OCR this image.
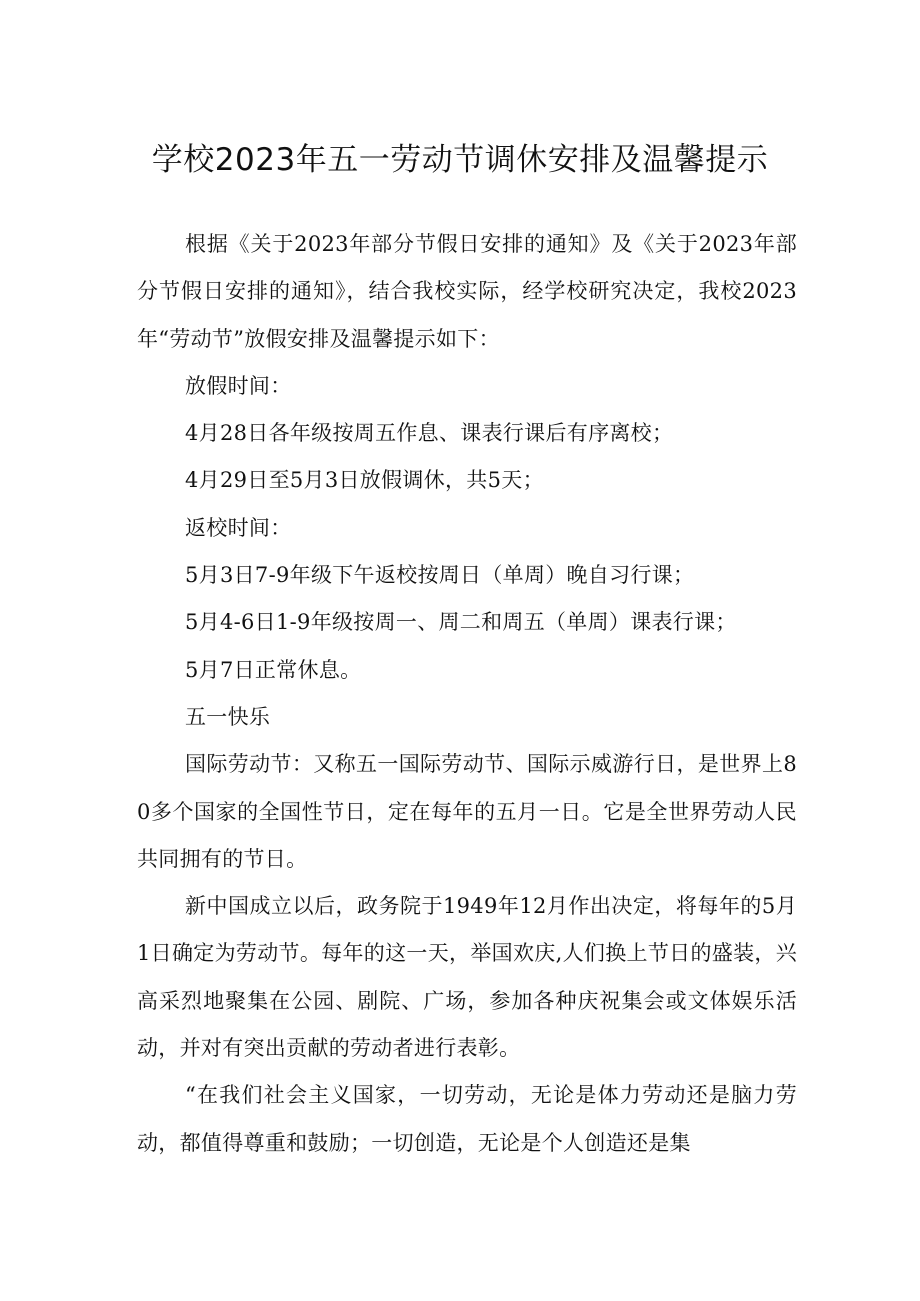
学校2023年五一劳动节调休安排及温馨提示

根据《关于2023年部分节假日安排的通知》及《关于2023年部分节假日安排的通知》，结合我校实际，经学校研究决定，我校2023年“劳动节”放假安排及温馨提示如下：

放假时间：

4月28日各年级按周五作息、课表行课后有序离校；

4月29日至5月3日放假调休，共5天；

返校时间：

5月3日7-9年级下午返校按周日（单周）晚自习行课；

5月4-6日1-9年级按周一、周二和周五（单周）课表行课；

5月7日正常休息。

五一快乐

国际劳动节：又称五一国际劳动节、国际示威游行日，是世界上80多个国家的全国性节日，定在每年的五月一日。它是全世界劳动人民共同拥有的节日。

新中国成立以后，政务院于1949年12月作出决定，将每年的5月1日确定为劳动节。每年的这一天，举国欢庆,人们换上节日的盛装，兴高采烈地聚集在公园、剧院、广场，参加各种庆祝集会或文体娱乐活动，并对有突出贡献的劳动者进行表彰。

“在我们社会主义国家，一切劳动，无论是体力劳动还是脑力劳动，都值得尊重和鼓励；一切创造，无论是个人创造还是集
